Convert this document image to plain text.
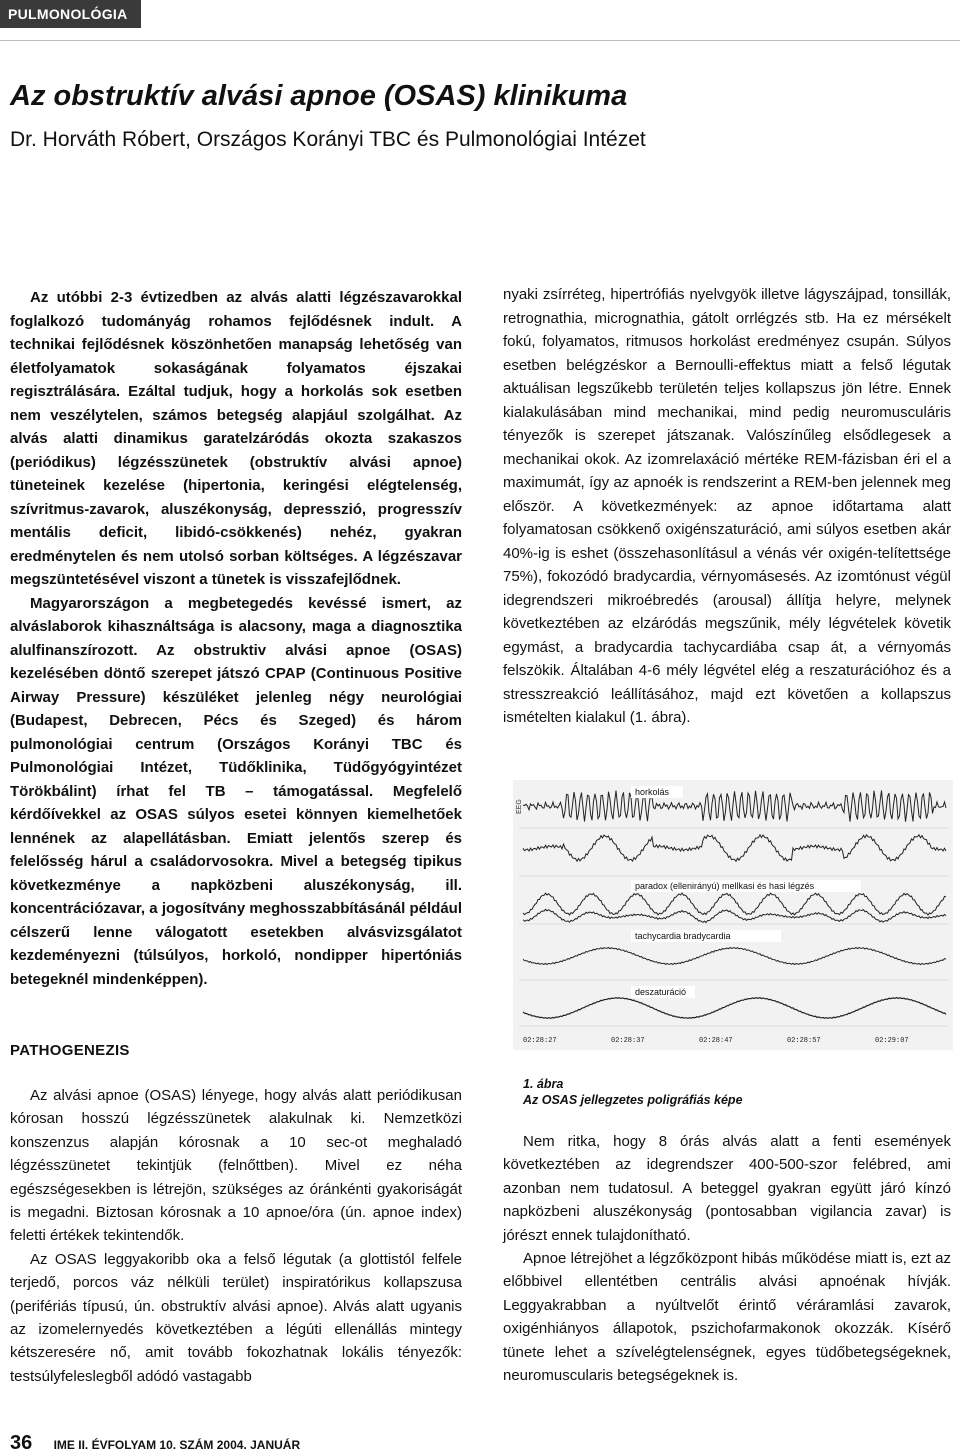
PULMONOLÓGIA
Az obstruktív alvási apnoe (OSAS) klinikuma

Dr. Horváth Róbert, Országos Korányi TBC és Pulmonológiai Intézet

Az utóbbi 2-3 évtizedben az alvás alatti légzészavarokkal foglalkozó tudományág rohamos fejlődésnek indult. A technikai fejlődésnek köszönhetően manapság lehetőség van életfolyamatok sokaságának folyamatos éjszakai regisztrálására. Ezáltal tudjuk, hogy a horkolás sok esetben nem veszélytelen, számos betegség alapjául szolgálhat. Az alvás alatti dinamikus garatelzáródás okozta szakaszos (periódikus) légzésszünetek (obstruktív alvási apnoe) tüneteinek kezelése (hipertonia, keringési elégtelenség, szívritmus-zavarok, aluszékonyság, depresszió, progresszív mentális deficit, libidó-csökkenés) nehéz, gyakran eredménytelen és nem utolsó sorban költséges. A légzészavar megszüntetésével viszont a tünetek is visszafejlődnek.

Magyarországon a megbetegedés kevéssé ismert, az alváslaborok kihasználtsága is alacsony, maga a diagnosztika alulfinanszírozott. Az obstruktiv alvási apnoe (OSAS) kezelésében döntő szerepet játszó CPAP (Continuous Positive Airway Pressure) készüléket jelenleg négy neurológiai (Budapest, Debrecen, Pécs és Szeged) és három pulmonológiai centrum (Országos Korányi TBC és Pulmonológiai Intézet, Tüdőklinika, Tüdőgyógyintézet Törökbálint) írhat fel TB – támogatással. Megfelelő kérdőívekkel az OSAS súlyos esetei könnyen kiemelhetőek lennének az alapellátásban. Emiatt jelentős szerep és felelősség hárul a családorvosokra. Mivel a betegség tipikus következménye a napközbeni aluszékonyság, ill. koncentrációzavar, a jogosítvány meghosszabbításánál például célszerű lenne válogatott esetekben alvásvizsgálatot kezdeményezni (túlsúlyos, horkoló, nondipper hipertóniás betegeknél mindenképpen).

nyaki zsírréteg, hipertrófiás nyelvgyök illetve lágyszájpad, tonsillák, retrognathia, micrognathia, gátolt orrlégzés stb. Ha ez mérsékelt fokú, folyamatos, ritmusos horkolást eredményez csupán. Súlyos esetben belégzéskor a Bernoulli-effektus miatt a felső légutak aktuálisan legszűkebb területén teljes kollapszus jön létre. Ennek kialakulásában mind mechanikai, mind pedig neuromusculáris tényezők is szerepet játszanak. Valószínűleg elsődlegesek a mechanikai okok. Az izomrelaxáció mértéke REM-fázisban éri el a maximumát, így az apnoék is rendszerint a REM-ben jelennek meg először. A következmények: az apnoe időtartama alatt folyamatosan csökkenő oxigénszaturáció, ami súlyos esetben akár 40%-ig is eshet (összehasonlításul a vénás vér oxigén-telítettsége 75%), fokozódó bradycardia, vérnyomásesés. Az izomtónust végül idegrendszeri mikroébredés (arousal) állítja helyre, melynek következtében az elzáródás megszűnik, mély légvételek követik egymást, a bradycardia tachycardiába csap át, a vérnyomás felszökik. Általában 4-6 mély légvétel elég a reszaturációhoz és a stresszreakció leállításához, majd ezt követően a kollapszus ismételten kialakul (1. ábra).

EEG
horkolás
paradox (ellenirányú) mellkasi és hasi légzés
tachycardia bradycardia
deszaturáció
02:28:27	02:28:37	02:28:47	02:28:57	02:29:07
1. ábra
Az OSAS jellegzetes poligráfiás képe
PATHOGENEZIS

Az alvási apnoe (OSAS) lényege, hogy alvás alatt periódikusan kórosan hosszú légzésszünetek alakulnak ki. Nemzetközi konszenzus alapján kórosnak a 10 sec-ot meghaladó légzésszünetet tekintjük (felnőttben). Mivel ez néha egészségesekben is létrejön, szükséges az óránkénti gyakoriságát is megadni. Biztosan kórosnak a 10 apnoe/óra (ún. apnoe index) feletti értékek tekintendők.

Az OSAS leggyakoribb oka a felső légutak (a glottistól felfele terjedő, porcos váz nélküli terület) inspiratórikus kollapszusa (perifériás típusú, ún. obstruktív alvási apnoe). Alvás alatt ugyanis az izomelernyedés következtében a légúti ellenállás mintegy kétszeresére nő, amit tovább fokozhatnak lokális tényezők: testsúlyfeleslegből adódó vastagabb

Nem ritka, hogy 8 órás alvás alatt a fenti események következtében az idegrendszer 400-500-szor felébred, ami azonban nem tudatosul. A beteggel gyakran együtt járó kínzó napközbeni aluszékonyság (pontosabban vigilancia zavar) is jórészt ennek tulajdonítható.

Apnoe létrejöhet a légzőközpont hibás működése miatt is, ezt az előbbivel ellentétben centrális alvási apnoénak hívják. Leggyakrabban a nyúltvelőt érintő véráramlási zavarok, oxigénhiányos állapotok, pszichofarmakonok okozzák. Kísérő tünete lehet a szívelégtelenségnek, egyes tüdőbetegségeknek, neuromuscularis betegségeknek is.

36 IME II. ÉVFOLYAM 10. SZÁM 2004. JANUÁR
